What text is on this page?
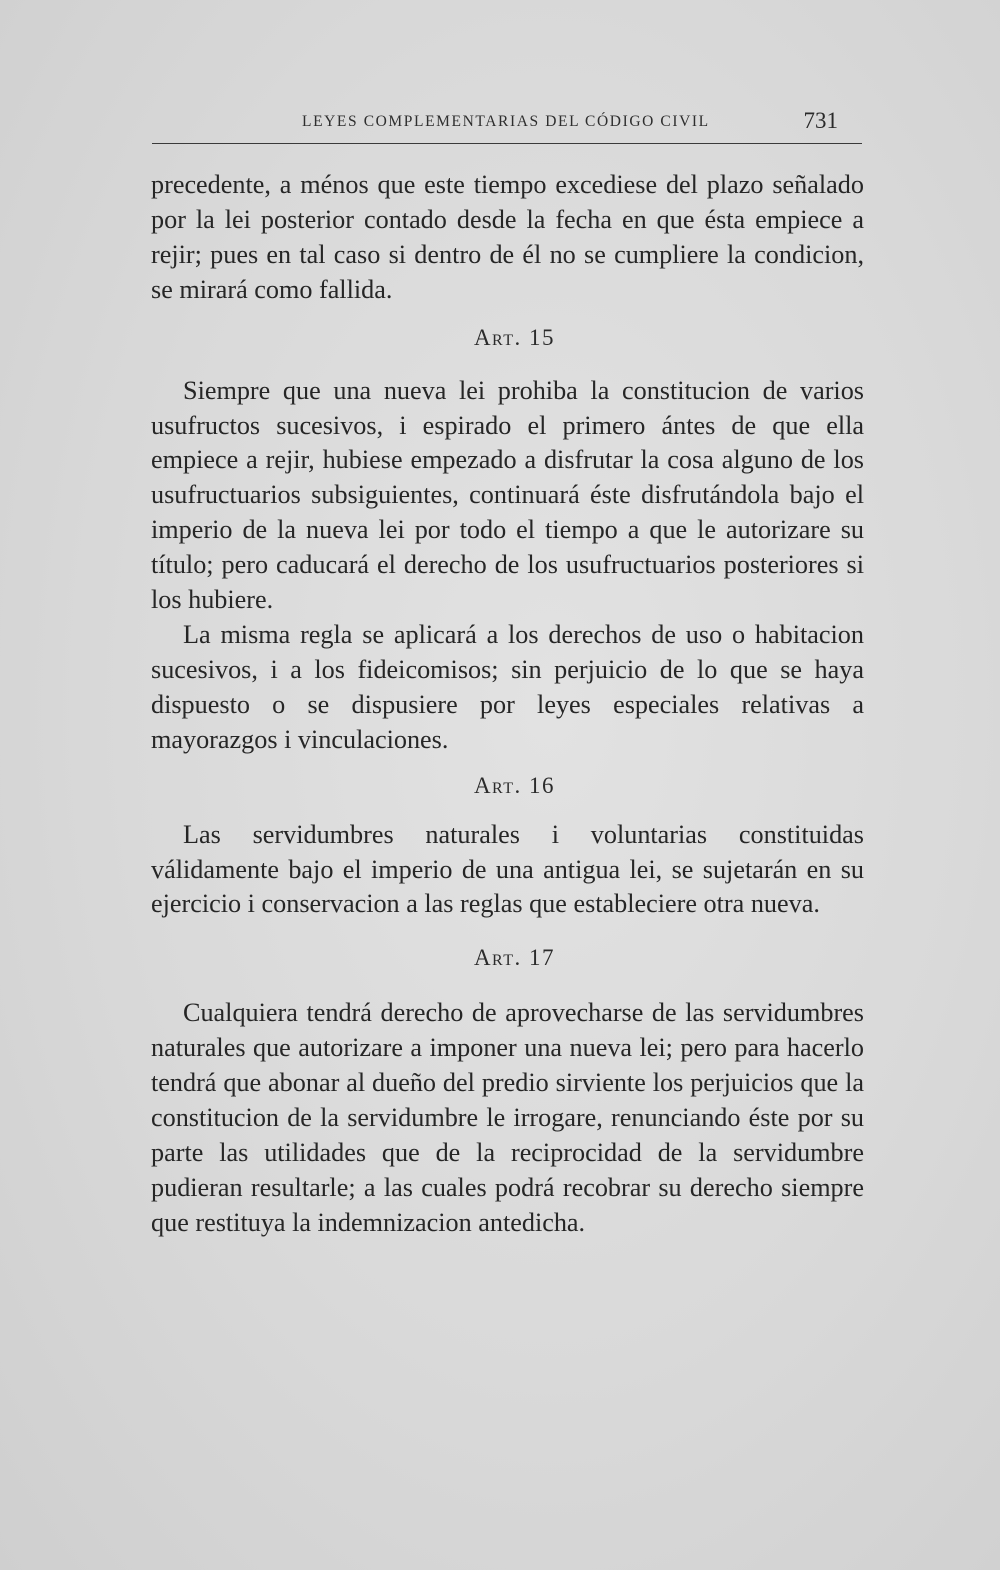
LEYES COMPLEMENTARIAS DEL CÓDIGO CIVIL	731

precedente, a ménos que este tiempo excediese del plazo señalado por la lei posterior contado desde la fecha en que ésta empiece a rejir; pues en tal caso si dentro de él no se cumpliere la condicion, se mirará como fallida.

Art. 15

Siempre que una nueva lei prohiba la constitucion de varios usufructos sucesivos, i espirado el primero ántes de que ella empiece a rejir, hubiese empezado a disfrutar la cosa alguno de los usufructuarios subsiguientes, continuará éste disfrutándola bajo el imperio de la nueva lei por todo el tiempo a que le autorizare su título; pero caducará el derecho de los usufructuarios posteriores si los hubiere.

La misma regla se aplicará a los derechos de uso o habitacion sucesivos, i a los fideicomisos; sin perjuicio de lo que se haya dispuesto o se dispusiere por leyes especiales relativas a mayorazgos i vinculaciones.

Art. 16

Las servidumbres naturales i voluntarias constituidas válidamente bajo el imperio de una antigua lei, se sujetarán en su ejercicio i conservacion a las reglas que estableciere otra nueva.

Art. 17

Cualquiera tendrá derecho de aprovecharse de las servidumbres naturales que autorizare a imponer una nueva lei; pero para hacerlo tendrá que abonar al dueño del predio sirviente los perjuicios que la constitucion de la servidumbre le irrogare, renunciando éste por su parte las utilidades que de la reciprocidad de la servidumbre pudieran resultarle; a las cuales podrá recobrar su derecho siempre que restituya la indemnizacion antedicha.
